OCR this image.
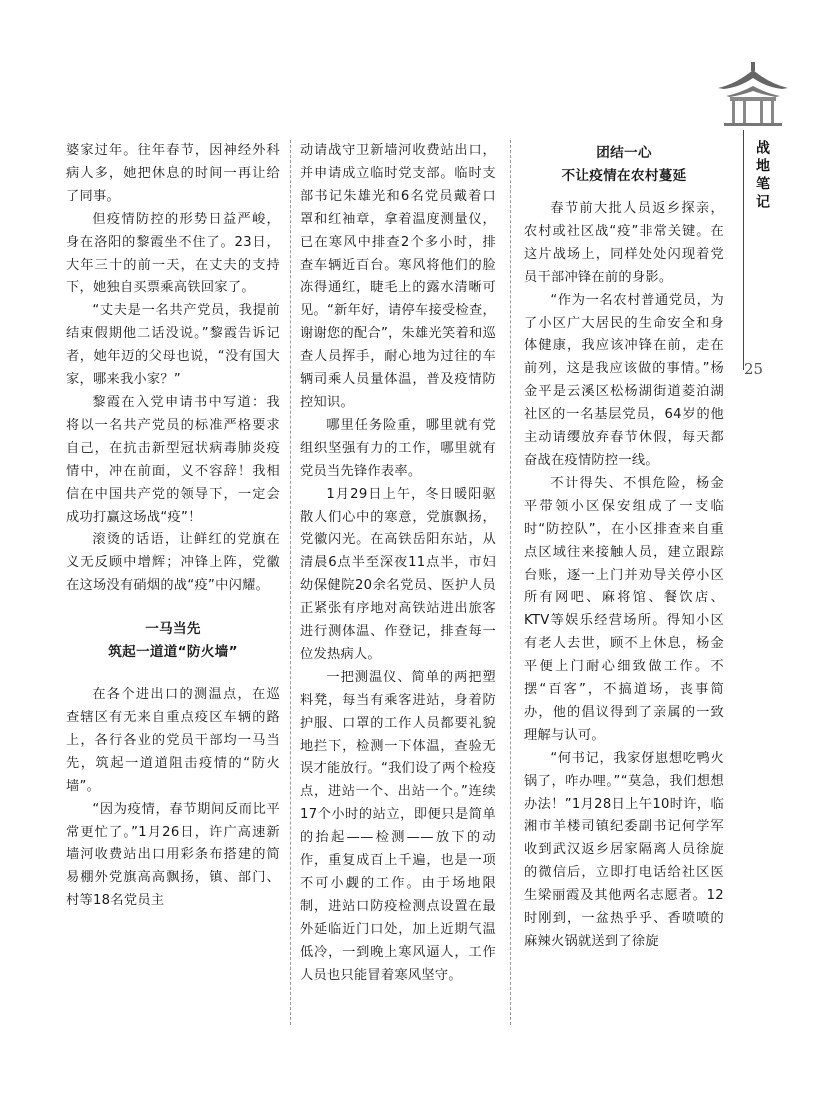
婆家过年。往年春节，因神经外科病人多，她把休息的时间一再让给了同事。

但疫情防控的形势日益严峻，身在洛阳的黎霞坐不住了。23日，大年三十的前一天，在丈夫的支持下，她独自买票乘高铁回家了。

“丈夫是一名共产党员，我提前结束假期他二话没说。”黎霞告诉记者，她年迈的父母也说，“没有国大家，哪来我小家？”

黎霞在入党申请书中写道：我将以一名共产党员的标准严格要求自己，在抗击新型冠状病毒肺炎疫情中，冲在前面，义不容辞！我相信在中国共产党的领导下，一定会成功打赢这场战“疫”！

滚烫的话语，让鲜红的党旗在义无反顾中增辉；冲锋上阵，党徽在这场没有硝烟的战“疫”中闪耀。

一马当先
筑起一道道“防火墙”

在各个进出口的测温点，在巡查辖区有无来自重点疫区车辆的路上，各行各业的党员干部均一马当先，筑起一道道阻击疫情的“防火墙”。

“因为疫情，春节期间反而比平常更忙了。”1月26日，许广高速新墙河收费站出口用彩条布搭建的简易棚外党旗高高飘扬，镇、部门、村等18名党员主

动请战守卫新墙河收费站出口，并申请成立临时党支部。临时支部书记朱雄光和6名党员戴着口罩和红袖章，拿着温度测量仪，已在寒风中排查2个多小时，排查车辆近百台。寒风将他们的脸冻得通红，睫毛上的露水清晰可见。“新年好，请停车接受检查，谢谢您的配合”，朱雄光笑着和巡查人员挥手，耐心地为过往的车辆司乘人员量体温，普及疫情防控知识。

哪里任务险重，哪里就有党组织坚强有力的工作，哪里就有党员当先锋作表率。

1月29日上午，冬日暖阳驱散人们心中的寒意，党旗飘扬，党徽闪光。在高铁岳阳东站，从清晨6点半至深夜11点半，市妇幼保健院20余名党员、医护人员正紧张有序地对高铁站进出旅客进行测体温、作登记，排查每一位发热病人。

一把测温仪、简单的两把塑料凳，每当有乘客进站，身着防护服、口罩的工作人员都要礼貌地拦下，检测一下体温，查验无误才能放行。“我们设了两个检疫点，进站一个、出站一个。”连续17个小时的站立，即便只是简单的抬起——检测——放下的动作，重复成百上千遍，也是一项不可小觑的工作。由于场地限制，进站口防疫检测点设置在最外延临近门口处，加上近期气温低冷，一到晚上寒风逼人，工作人员也只能冒着寒风坚守。

团结一心
不让疫情在农村蔓延

春节前大批人员返乡探亲，农村或社区战“疫”非常关键。在这片战场上，同样处处闪现着党员干部冲锋在前的身影。

“作为一名农村普通党员，为了小区广大居民的生命安全和身体健康，我应该冲锋在前，走在前列，这是我应该做的事情。”杨金平是云溪区松杨湖街道菱泊湖社区的一名基层党员，64岁的他主动请缨放弃春节休假，每天都奋战在疫情防控一线。

不计得失、不惧危险，杨金平带领小区保安组成了一支临时“防控队”，在小区排查来自重点区域往来接触人员，建立跟踪台账，逐一上门并劝导关停小区所有网吧、麻将馆、餐饮店、KTV等娱乐经营场所。得知小区有老人去世，顾不上休息，杨金平便上门耐心细致做工作。不摆“百客”，不搞道场，丧事简办，他的倡议得到了亲属的一致理解与认可。

“何书记，我家伢崽想吃鸭火锅了，咋办哩。”“莫急，我们想想办法！”1月28日上午10时许，临湘市羊楼司镇纪委副书记何学军收到武汉返乡居家隔离人员徐旋的微信后，立即打电话给社区医生梁丽霞及其他两名志愿者。12时刚到，一盆热乎乎、香喷喷的麻辣火锅就送到了徐旋

战地笔记
25
